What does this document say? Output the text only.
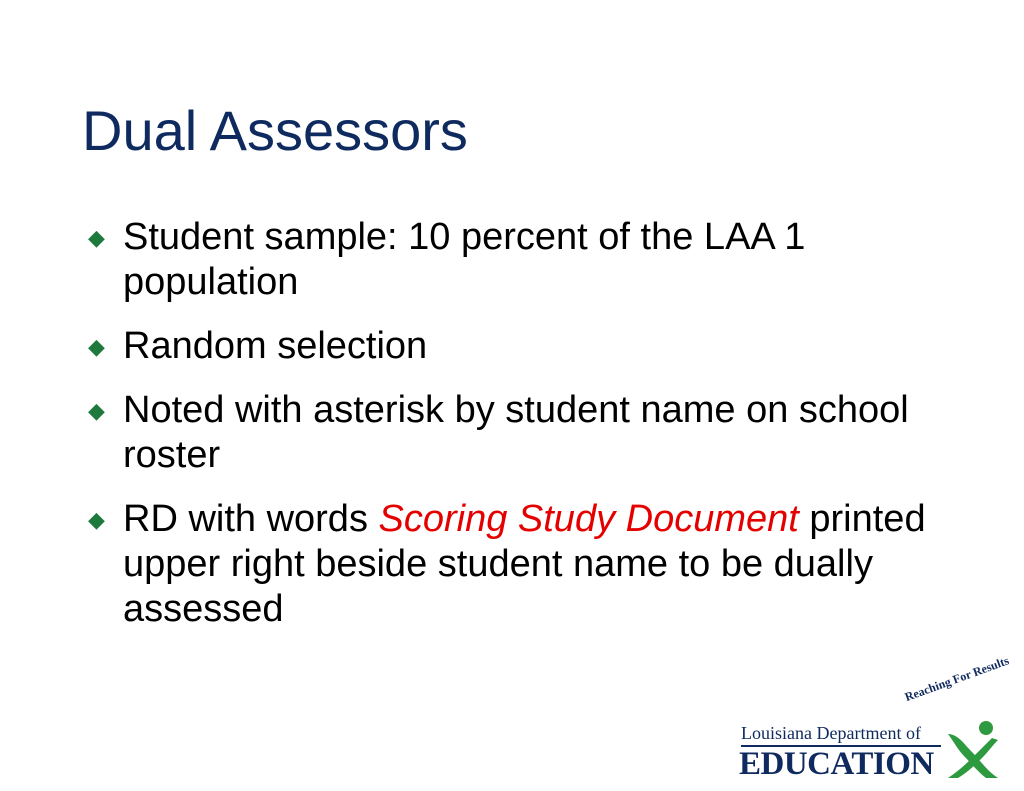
Dual Assessors
◆ Student sample: 10 percent of the LAA 1 population
◆ Random selection
◆ Noted with asterisk by student name on school roster
◆ RD with words Scoring Study Document printed upper right beside student name to be dually assessed
Reaching For Results
Louisiana Department of
EDUCATION
